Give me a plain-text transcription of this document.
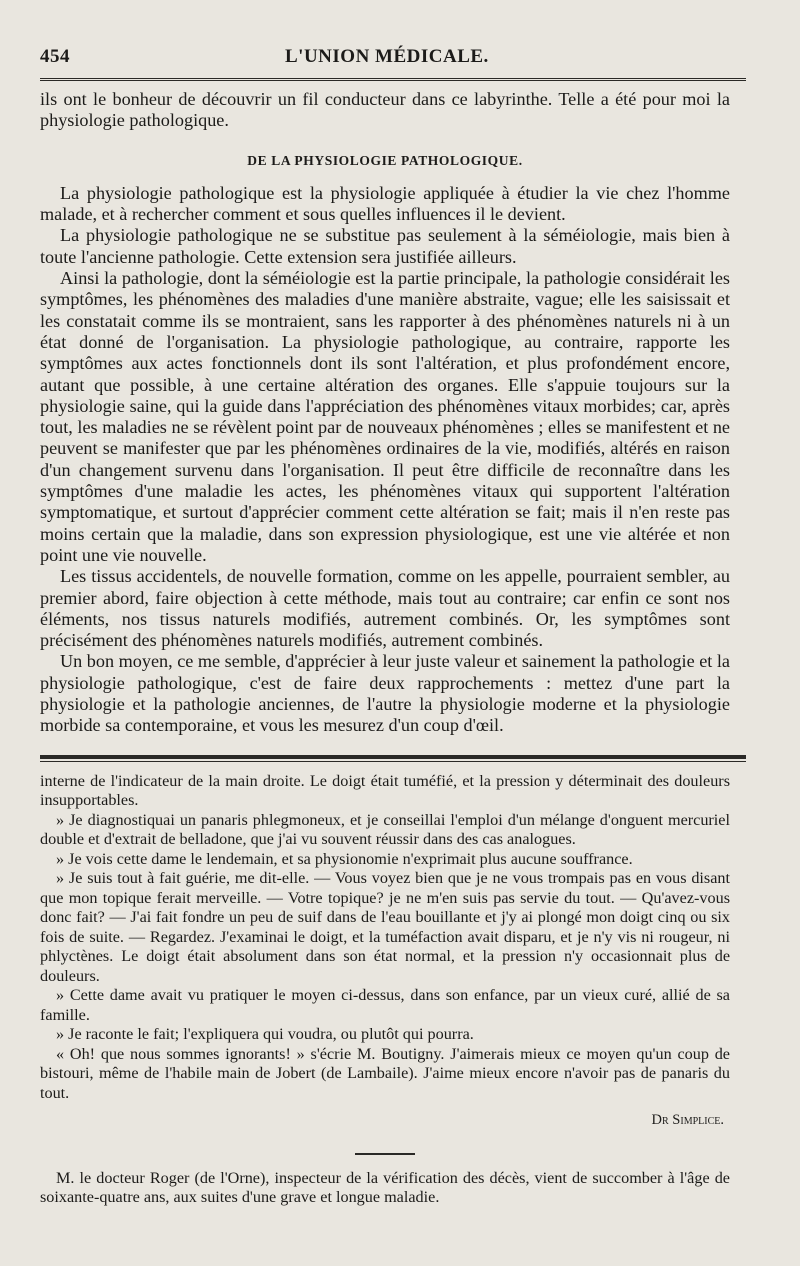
454	L'UNION MÉDICALE.

ils ont le bonheur de découvrir un fil conducteur dans ce labyrinthe. Telle a été pour moi la physiologie pathologique.

DE LA PHYSIOLOGIE PATHOLOGIQUE.

La physiologie pathologique est la physiologie appliquée à étudier la vie chez l'homme malade, et à rechercher comment et sous quelles influences il le devient.

La physiologie pathologique ne se substitue pas seulement à la séméiologie, mais bien à toute l'ancienne pathologie. Cette extension sera justifiée ailleurs.

Ainsi la pathologie, dont la séméiologie est la partie principale, la pathologie considérait les symptômes, les phénomènes des maladies d'une manière abstraite, vague; elle les saisissait et les constatait comme ils se montraient, sans les rapporter à des phénomènes naturels ni à un état donné de l'organisation. La physiologie pathologique, au contraire, rapporte les symptômes aux actes fonctionnels dont ils sont l'altération, et plus profondément encore, autant que possible, à une certaine altération des organes. Elle s'appuie toujours sur la physiologie saine, qui la guide dans l'appréciation des phénomènes vitaux morbides; car, après tout, les maladies ne se révèlent point par de nouveaux phénomènes ; elles se manifestent et ne peuvent se manifester que par les phénomènes ordinaires de la vie, modifiés, altérés en raison d'un changement survenu dans l'organisation. Il peut être difficile de reconnaître dans les symptômes d'une maladie les actes, les phénomènes vitaux qui supportent l'altération symptomatique, et surtout d'apprécier comment cette altération se fait; mais il n'en reste pas moins certain que la maladie, dans son expression physiologique, est une vie altérée et non point une vie nouvelle.

Les tissus accidentels, de nouvelle formation, comme on les appelle, pourraient sembler, au premier abord, faire objection à cette méthode, mais tout au contraire; car enfin ce sont nos éléments, nos tissus naturels modifiés, autrement combinés. Or, les symptômes sont précisément des phénomènes naturels modifiés, autrement combinés.

Un bon moyen, ce me semble, d'apprécier à leur juste valeur et sainement la pathologie et la physiologie pathologique, c'est de faire deux rapprochements : mettez d'une part la physiologie et la pathologie anciennes, de l'autre la physiologie moderne et la physiologie morbide sa contemporaine, et vous les mesurez d'un coup d'œil.

interne de l'indicateur de la main droite. Le doigt était tuméfié, et la pression y déterminait des douleurs insupportables.

» Je diagnostiquai un panaris phlegmoneux, et je conseillai l'emploi d'un mélange d'onguent mercuriel double et d'extrait de belladone, que j'ai vu souvent réussir dans des cas analogues.

» Je vois cette dame le lendemain, et sa physionomie n'exprimait plus aucune souffrance.

» Je suis tout à fait guérie, me dit-elle. — Vous voyez bien que je ne vous trompais pas en vous disant que mon topique ferait merveille. — Votre topique? je ne m'en suis pas servie du tout. — Qu'avez-vous donc fait? — J'ai fait fondre un peu de suif dans de l'eau bouillante et j'y ai plongé mon doigt cinq ou six fois de suite. — Regardez. J'examinai le doigt, et la tuméfaction avait disparu, et je n'y vis ni rougeur, ni phlyctènes. Le doigt était absolument dans son état normal, et la pression n'y occasionnait plus de douleurs.

» Cette dame avait vu pratiquer le moyen ci-dessus, dans son enfance, par un vieux curé, allié de sa famille.

» Je raconte le fait; l'expliquera qui voudra, ou plutôt qui pourra.

« Oh! que nous sommes ignorants! » s'écrie M. Boutigny. J'aimerais mieux ce moyen qu'un coup de bistouri, même de l'habile main de Jobert (de Lambaile). J'aime mieux encore n'avoir pas de panaris du tout.

Dr Simplice.

M. le docteur Roger (de l'Orne), inspecteur de la vérification des décès, vient de succomber à l'âge de soixante-quatre ans, aux suites d'une grave et longue maladie.
